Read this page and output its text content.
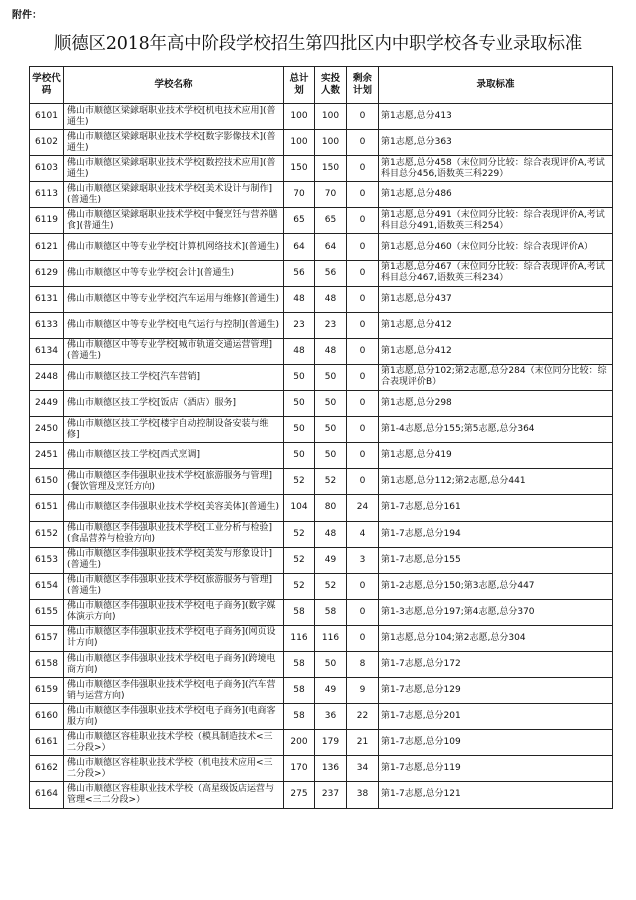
附件：
顺德区2018年高中阶段学校招生第四批区内中职学校各专业录取标准
学校代码	学校名称	总计划	实投人数	剩余计划	录取标准
6101	佛山市顺德区梁銶琚职业技术学校[机电技术应用](普通生)	100	100	0	第1志愿,总分413
6102	佛山市顺德区梁銶琚职业技术学校[数字影像技术](普通生)	100	100	0	第1志愿,总分363
6103	佛山市顺德区梁銶琚职业技术学校[数控技术应用](普通生)	150	150	0	第1志愿,总分458（末位同分比较：综合表现评价A,考试科目总分456,语数英三科229）
6113	佛山市顺德区梁銶琚职业技术学校[美术设计与制作](普通生)	70	70	0	第1志愿,总分486
6119	佛山市顺德区梁銶琚职业技术学校[中餐烹饪与营养膳食](普通生)	65	65	0	第1志愿,总分491（末位同分比较：综合表现评价A,考试科目总分491,语数英三科254）
6121	佛山市顺德区中等专业学校[计算机网络技术](普通生)	64	64	0	第1志愿,总分460（末位同分比较：综合表现评价A）
6129	佛山市顺德区中等专业学校[会计](普通生)	56	56	0	第1志愿,总分467（末位同分比较：综合表现评价A,考试科目总分467,语数英三科234）
6131	佛山市顺德区中等专业学校[汽车运用与维修](普通生)	48	48	0	第1志愿,总分437
6133	佛山市顺德区中等专业学校[电气运行与控制](普通生)	23	23	0	第1志愿,总分412
6134	佛山市顺德区中等专业学校[城市轨道交通运营管理](普通生)	48	48	0	第1志愿,总分412
2448	佛山市顺德区技工学校[汽车营销]	50	50	0	第1志愿,总分102;第2志愿,总分284（末位同分比较：综合表现评价B）
2449	佛山市顺德区技工学校[饭店（酒店）服务]	50	50	0	第1志愿,总分298
2450	佛山市顺德区技工学校[楼宇自动控制设备安装与维修]	50	50	0	第1-4志愿,总分155;第5志愿,总分364
2451	佛山市顺德区技工学校[西式烹调]	50	50	0	第1志愿,总分419
6150	佛山市顺德区李伟强职业技术学校[旅游服务与管理](餐饮管理及烹饪方向)	52	52	0	第1志愿,总分112;第2志愿,总分441
6151	佛山市顺德区李伟强职业技术学校[美容美体](普通生)	104	80	24	第1-7志愿,总分161
6152	佛山市顺德区李伟强职业技术学校[工业分析与检验](食品营养与检验方向)	52	48	4	第1-7志愿,总分194
6153	佛山市顺德区李伟强职业技术学校[美发与形象设计](普通生)	52	49	3	第1-7志愿,总分155
6154	佛山市顺德区李伟强职业技术学校[旅游服务与管理](普通生)	52	52	0	第1-2志愿,总分150;第3志愿,总分447
6155	佛山市顺德区李伟强职业技术学校[电子商务](数字媒体演示方向)	58	58	0	第1-3志愿,总分197;第4志愿,总分370
6157	佛山市顺德区李伟强职业技术学校[电子商务](网页设计方向)	116	116	0	第1志愿,总分104;第2志愿,总分304
6158	佛山市顺德区李伟强职业技术学校[电子商务](跨境电商方向)	58	50	8	第1-7志愿,总分172
6159	佛山市顺德区李伟强职业技术学校[电子商务](汽车营销与运营方向)	58	49	9	第1-7志愿,总分129
6160	佛山市顺德区李伟强职业技术学校[电子商务](电商客服方向)	58	36	22	第1-7志愿,总分201
6161	佛山市顺德区容桂职业技术学校（模具制造技术<三二分段>）	200	179	21	第1-7志愿,总分109
6162	佛山市顺德区容桂职业技术学校（机电技术应用<三二分段>）	170	136	34	第1-7志愿,总分119
6164	佛山市顺德区容桂职业技术学校（高星级饭店运营与管理<三二分段>）	275	237	38	第1-7志愿,总分121
